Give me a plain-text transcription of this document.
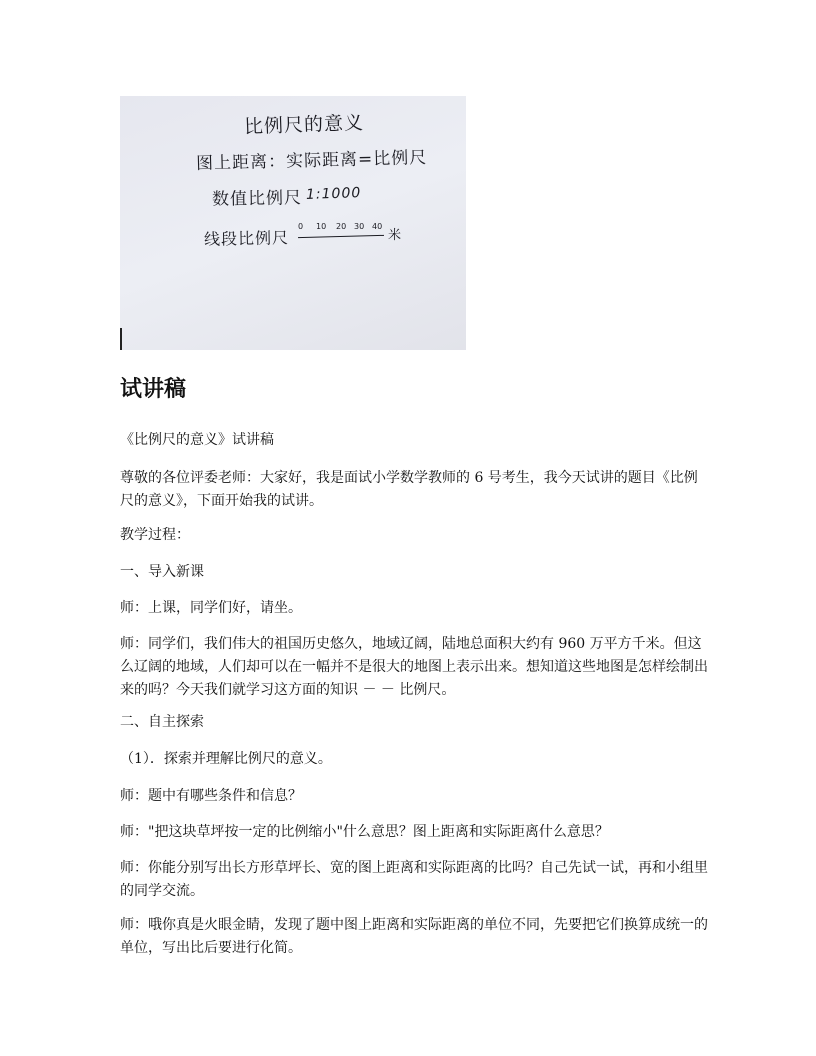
比例尺的意义
图上距离：实际距离=比例尺
数值比例尺 1:1000
线段比例尺
0 10 20 30 40
米
试讲稿

《比例尺的意义》试讲稿

尊敬的各位评委老师：大家好，我是面试小学数学教师的 6 号考生，我今天试讲的题目《比例尺的意义》，下面开始我的试讲。

教学过程：

一、导入新课

师：上课，同学们好，请坐。

师：同学们，我们伟大的祖国历史悠久，地域辽阔，陆地总面积大约有 960 万平方千米。但这么辽阔的地域，人们却可以在一幅并不是很大的地图上表示出来。想知道这些地图是怎样绘制出来的吗？今天我们就学习这方面的知识 － － 比例尺。

二、自主探索

（1）．探索并理解比例尺的意义。

师：题中有哪些条件和信息？

师："把这块草坪按一定的比例缩小"什么意思？图上距离和实际距离什么意思？

师：你能分别写出长方形草坪长、宽的图上距离和实际距离的比吗？自己先试一试，再和小组里的同学交流。

师：哦你真是火眼金睛，发现了题中图上距离和实际距离的单位不同，先要把它们换算成统一的单位，写出比后要进行化简。
